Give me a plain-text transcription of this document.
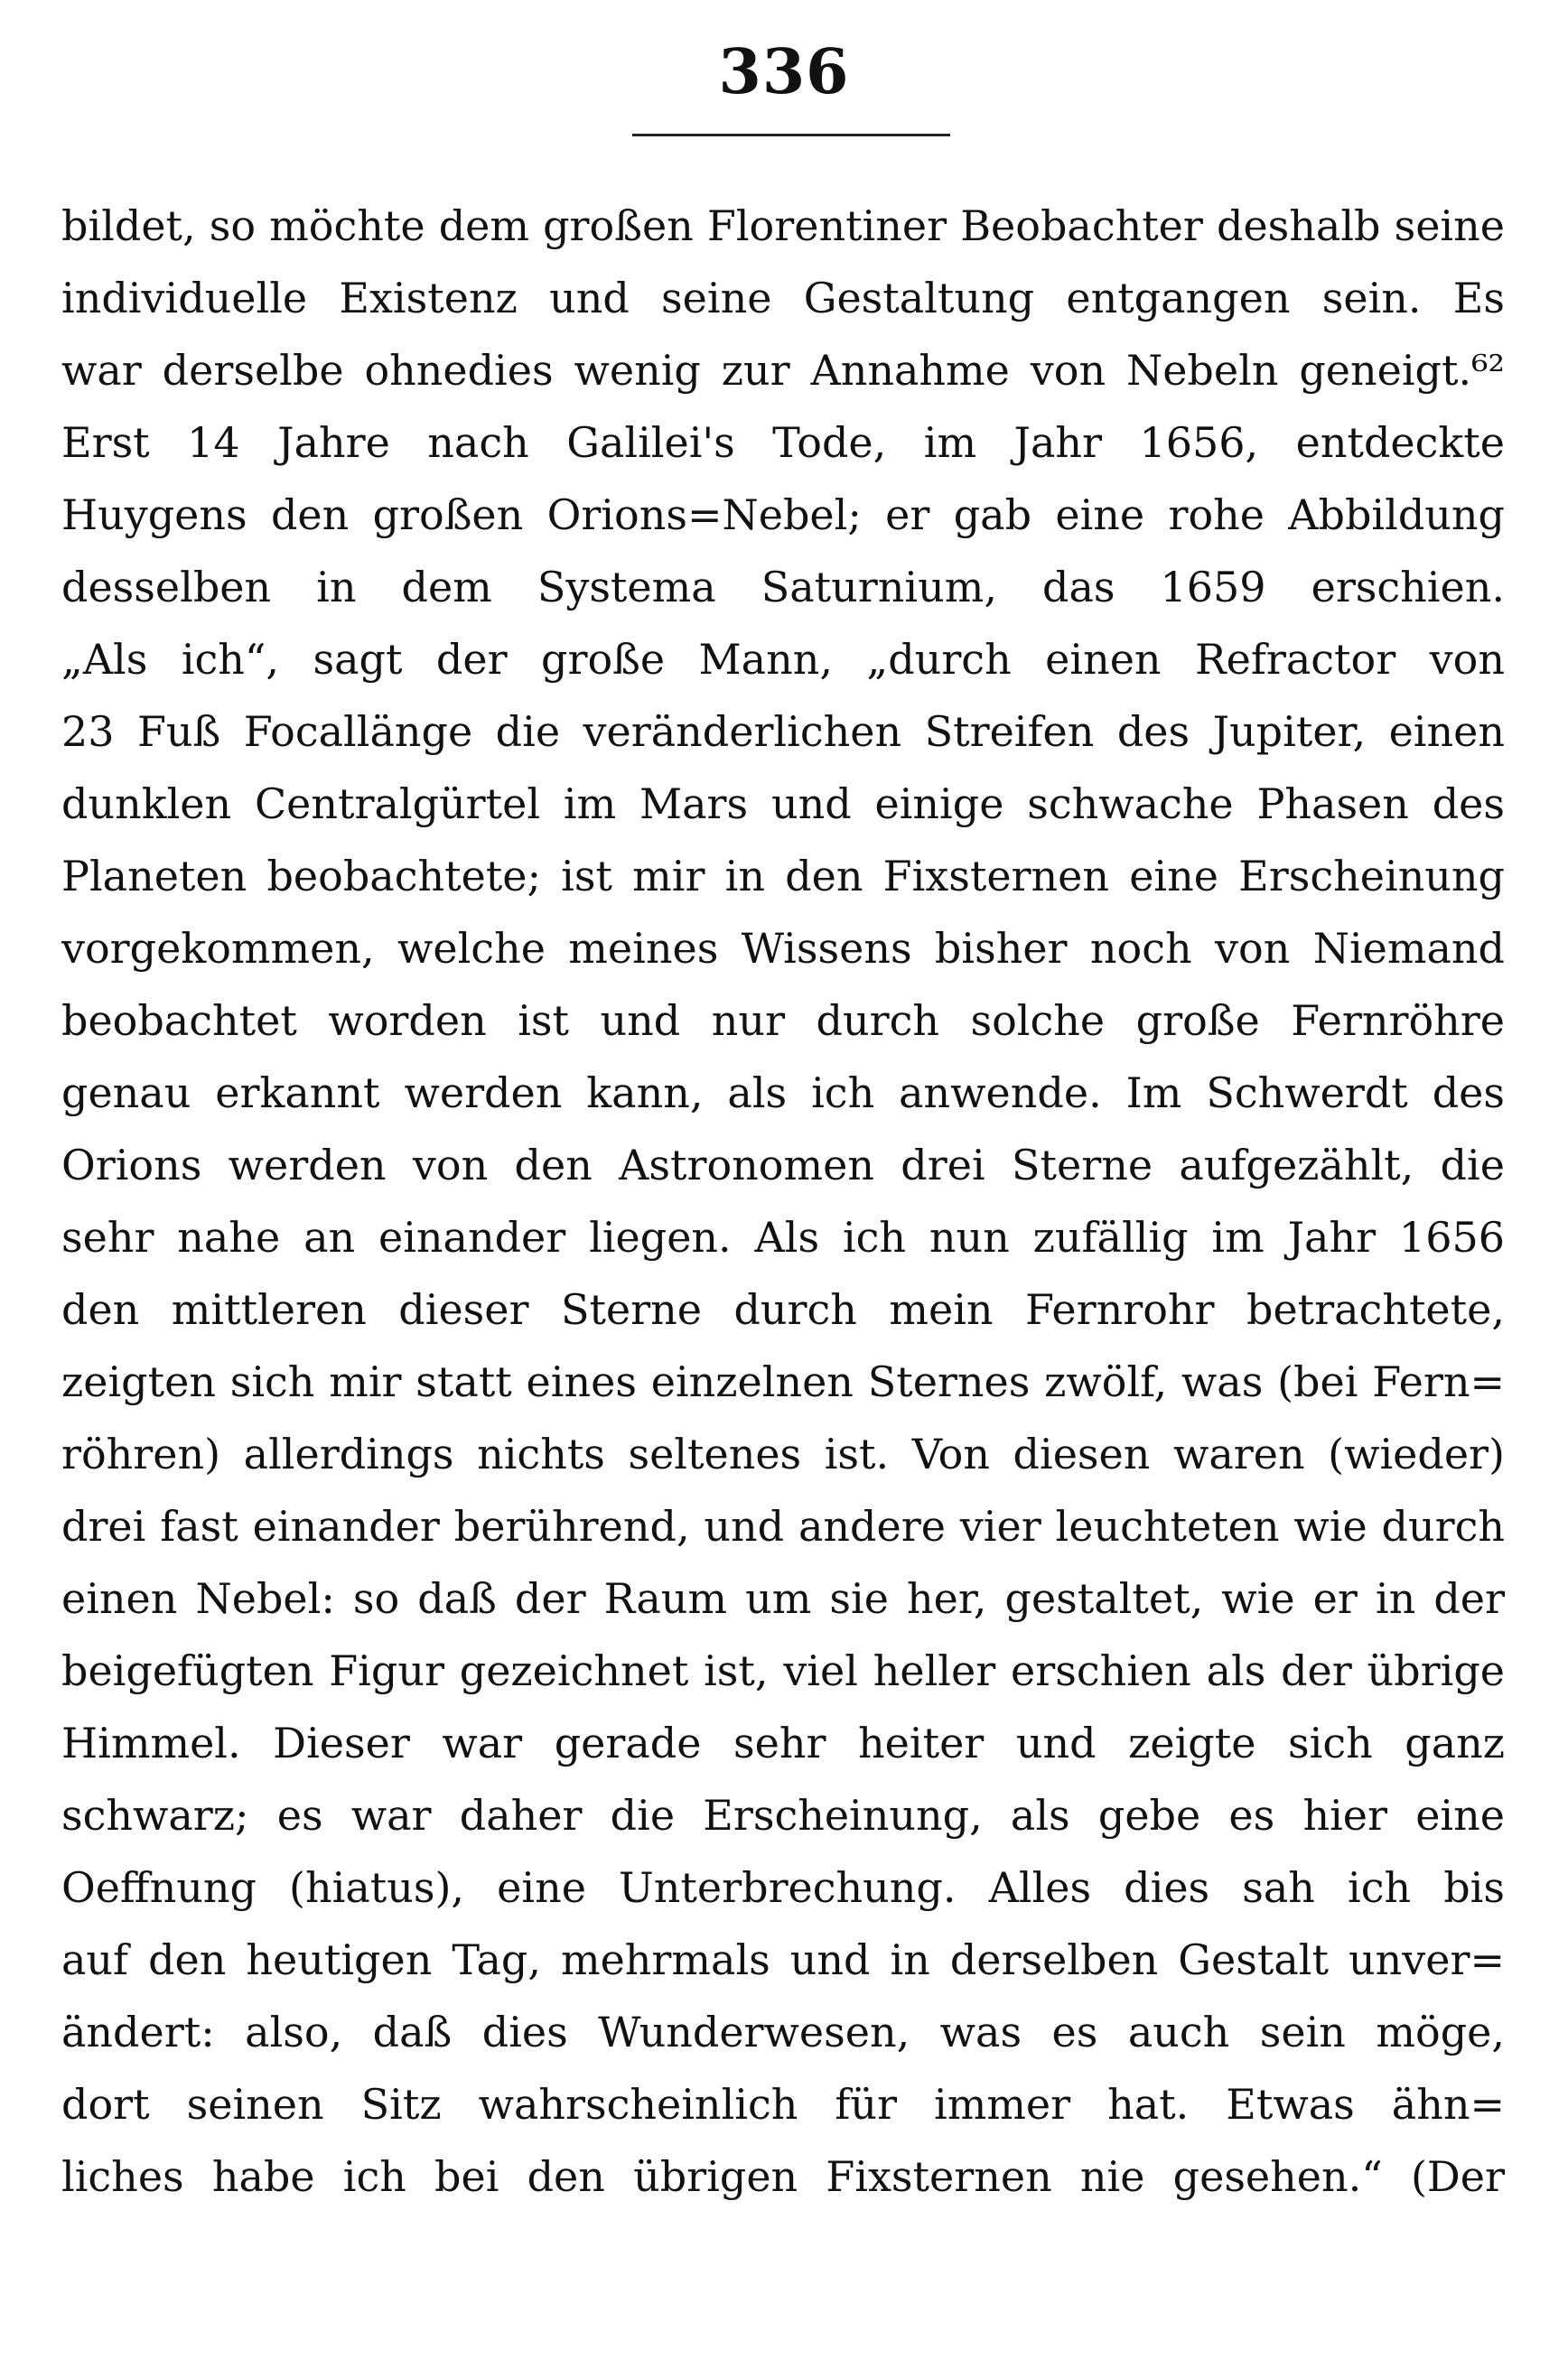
336
bildet, so möchte dem großen Florentiner Beobachter deshalb seine
individuelle Existenz und seine Gestaltung entgangen sein. Es
war derselbe ohnedies wenig zur Annahme von Nebeln geneigt.⁶²
Erst 14 Jahre nach Galilei's Tode, im Jahr 1656, entdeckte
Huygens den großen Orions=Nebel; er gab eine rohe Abbildung
desselben in dem Systema Saturnium, das 1659 erschien.
„Als ich“, sagt der große Mann, „durch einen Refractor von
23 Fuß Focallänge die veränderlichen Streifen des Jupiter, einen
dunklen Centralgürtel im Mars und einige schwache Phasen des
Planeten beobachtete; ist mir in den Fixsternen eine Erscheinung
vorgekommen, welche meines Wissens bisher noch von Niemand
beobachtet worden ist und nur durch solche große Fernröhre
genau erkannt werden kann, als ich anwende. Im Schwerdt des
Orions werden von den Astronomen drei Sterne aufgezählt, die
sehr nahe an einander liegen. Als ich nun zufällig im Jahr 1656
den mittleren dieser Sterne durch mein Fernrohr betrachtete,
zeigten sich mir statt eines einzelnen Sternes zwölf, was (bei Fern=
röhren) allerdings nichts seltenes ist. Von diesen waren (wieder)
drei fast einander berührend, und andere vier leuchteten wie durch
einen Nebel: so daß der Raum um sie her, gestaltet, wie er in der
beigefügten Figur gezeichnet ist, viel heller erschien als der übrige
Himmel. Dieser war gerade sehr heiter und zeigte sich ganz
schwarz; es war daher die Erscheinung, als gebe es hier eine
Oeffnung (hiatus), eine Unterbrechung. Alles dies sah ich bis
auf den heutigen Tag, mehrmals und in derselben Gestalt unver=
ändert: also, daß dies Wunderwesen, was es auch sein möge,
dort seinen Sitz wahrscheinlich für immer hat. Etwas ähn=
liches habe ich bei den übrigen Fixsternen nie gesehen.“ (Der
